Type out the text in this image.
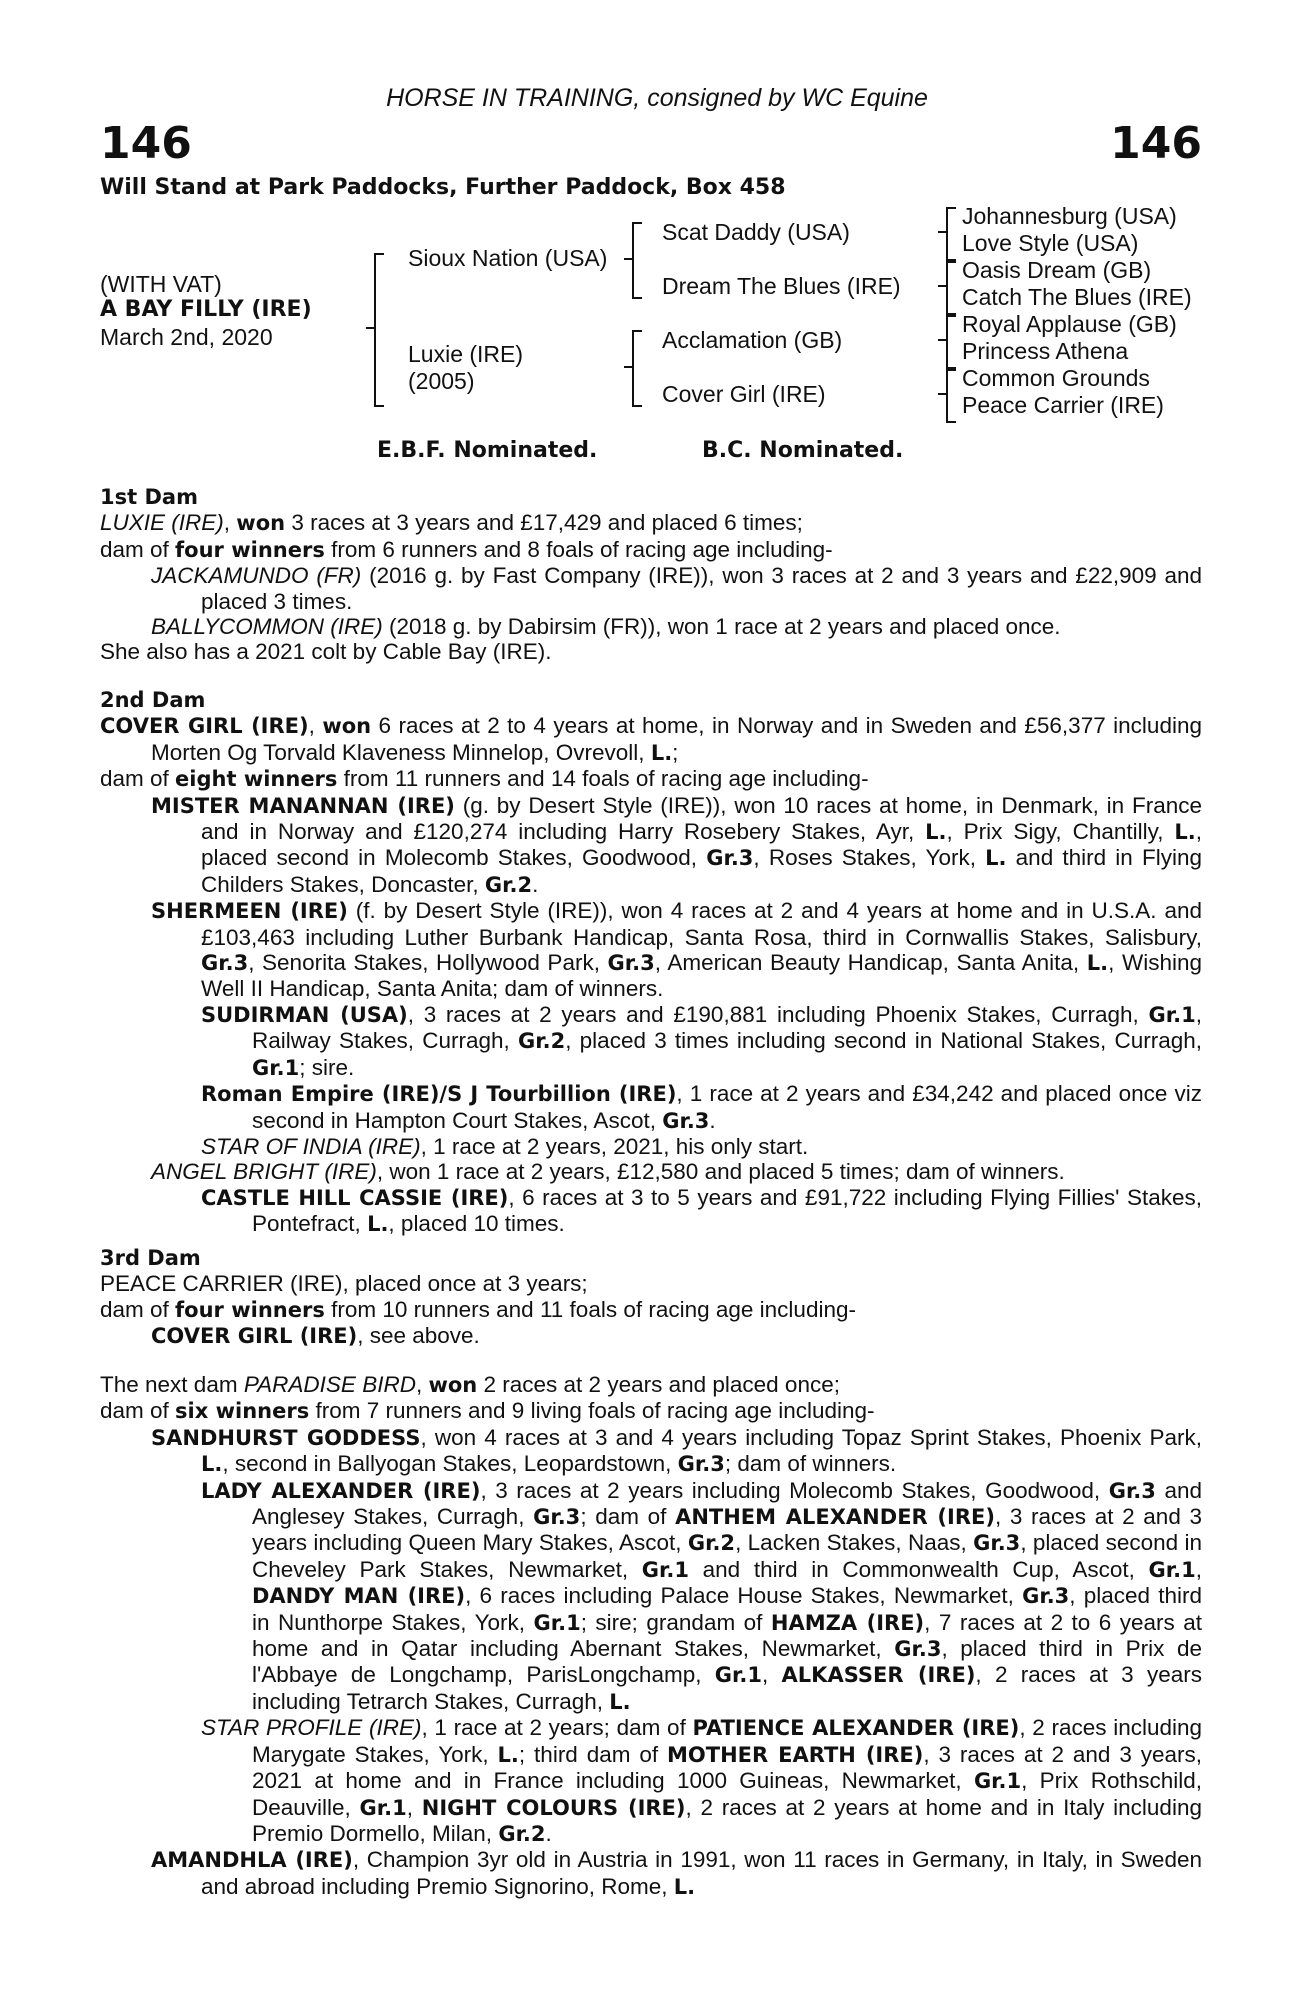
HORSE IN TRAINING, consigned by WC Equine
146	146
Will Stand at Park Paddocks, Further Paddock, Box 458
(WITH VAT)
A BAY FILLY (IRE)
March 2nd, 2020
Sioux Nation (USA)
Luxie (IRE)
(2005)
Scat Daddy (USA)
Dream The Blues (IRE)
Acclamation (GB)
Cover Girl (IRE)
Johannesburg (USA)
Love Style (USA)
Oasis Dream (GB)
Catch The Blues (IRE)
Royal Applause (GB)
Princess Athena
Common Grounds
Peace Carrier (IRE)
E.B.F. Nominated.	B.C. Nominated.

1st Dam

LUXIE (IRE), won 3 races at 3 years and £17,429 and placed 6 times;

dam of four winners from 6 runners and 8 foals of racing age including-

JACKAMUNDO (FR) (2016 g. by Fast Company (IRE)), won 3 races at 2 and 3 years and £22,909 and placed 3 times.

BALLYCOMMON (IRE) (2018 g. by Dabirsim (FR)), won 1 race at 2 years and placed once.

She also has a 2021 colt by Cable Bay (IRE).

2nd Dam

COVER GIRL (IRE), won 6 races at 2 to 4 years at home, in Norway and in Sweden and £56,377 including Morten Og Torvald Klaveness Minnelop, Ovrevoll, L.;

dam of eight winners from 11 runners and 14 foals of racing age including-

MISTER MANANNAN (IRE) (g. by Desert Style (IRE)), won 10 races at home, in Denmark, in France and in Norway and £120,274 including Harry Rosebery Stakes, Ayr, L., Prix Sigy, Chantilly, L., placed second in Molecomb Stakes, Goodwood, Gr.3, Roses Stakes, York, L. and third in Flying Childers Stakes, Doncaster, Gr.2.

SHERMEEN (IRE) (f. by Desert Style (IRE)), won 4 races at 2 and 4 years at home and in U.S.A. and £103,463 including Luther Burbank Handicap, Santa Rosa, third in Cornwallis Stakes, Salisbury, Gr.3, Senorita Stakes, Hollywood Park, Gr.3, American Beauty Handicap, Santa Anita, L., Wishing Well II Handicap, Santa Anita; dam of winners.

SUDIRMAN (USA), 3 races at 2 years and £190,881 including Phoenix Stakes, Curragh, Gr.1, Railway Stakes, Curragh, Gr.2, placed 3 times including second in National Stakes, Curragh, Gr.1; sire.

Roman Empire (IRE)/S J Tourbillion (IRE), 1 race at 2 years and £34,242 and placed once viz second in Hampton Court Stakes, Ascot, Gr.3.

STAR OF INDIA (IRE), 1 race at 2 years, 2021, his only start.

ANGEL BRIGHT (IRE), won 1 race at 2 years, £12,580 and placed 5 times; dam of winners.

CASTLE HILL CASSIE (IRE), 6 races at 3 to 5 years and £91,722 including Flying Fillies' Stakes, Pontefract, L., placed 10 times.

3rd Dam

PEACE CARRIER (IRE), placed once at 3 years;

dam of four winners from 10 runners and 11 foals of racing age including-

COVER GIRL (IRE), see above.

The next dam PARADISE BIRD, won 2 races at 2 years and placed once;

dam of six winners from 7 runners and 9 living foals of racing age including-

SANDHURST GODDESS, won 4 races at 3 and 4 years including Topaz Sprint Stakes, Phoenix Park, L., second in Ballyogan Stakes, Leopardstown, Gr.3; dam of winners.

LADY ALEXANDER (IRE), 3 races at 2 years including Molecomb Stakes, Goodwood, Gr.3 and Anglesey Stakes, Curragh, Gr.3; dam of ANTHEM ALEXANDER (IRE), 3 races at 2 and 3 years including Queen Mary Stakes, Ascot, Gr.2, Lacken Stakes, Naas, Gr.3, placed second in Cheveley Park Stakes, Newmarket, Gr.1 and third in Commonwealth Cup, Ascot, Gr.1, DANDY MAN (IRE), 6 races including Palace House Stakes, Newmarket, Gr.3, placed third in Nunthorpe Stakes, York, Gr.1; sire; grandam of HAMZA (IRE), 7 races at 2 to 6 years at home and in Qatar including Abernant Stakes, Newmarket, Gr.3, placed third in Prix de l'Abbaye de Longchamp, ParisLongchamp, Gr.1, ALKASSER (IRE), 2 races at 3 years including Tetrarch Stakes, Curragh, L.

STAR PROFILE (IRE), 1 race at 2 years; dam of PATIENCE ALEXANDER (IRE), 2 races including Marygate Stakes, York, L.; third dam of MOTHER EARTH (IRE), 3 races at 2 and 3 years, 2021 at home and in France including 1000 Guineas, Newmarket, Gr.1, Prix Rothschild, Deauville, Gr.1, NIGHT COLOURS (IRE), 2 races at 2 years at home and in Italy including Premio Dormello, Milan, Gr.2.

AMANDHLA (IRE), Champion 3yr old in Austria in 1991, won 11 races in Germany, in Italy, in Sweden and abroad including Premio Signorino, Rome, L.
